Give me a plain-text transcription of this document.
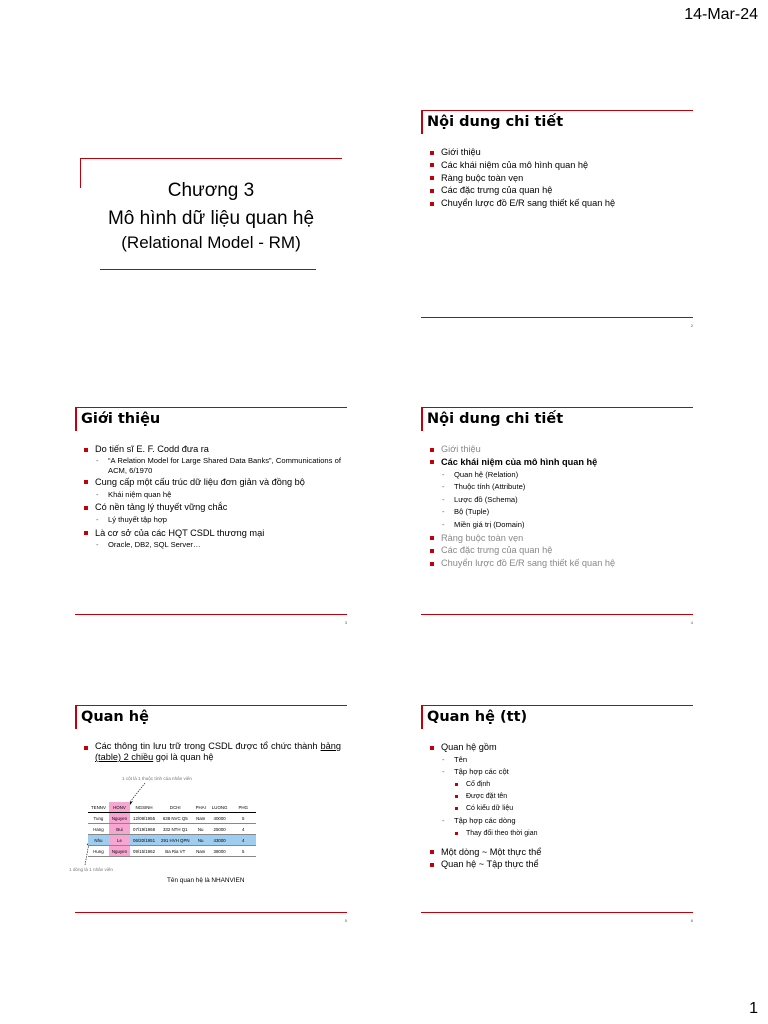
14-Mar-24
1
Chương 3
Mô hình dữ liệu quan hệ
(Relational Model - RM)
Nội dung chi tiết
Giới thiệu
Các khái niệm của mô hình quan hệ
Ràng buộc toàn vẹn
Các đặc trưng của quan hệ
Chuyển lược đồ E/R sang thiết kế quan hệ
2
Giới thiệu
Do tiến sĩ E. F. Codd đưa ra
- “A Relation Model for Large Shared Data Banks”, Communications of ACM, 6/1970
Cung cấp một cấu trúc dữ liệu đơn giản và đồng bộ
- Khái niệm quan hệ
Có nền tảng lý thuyết vững chắc
- Lý thuyết tập hợp
Là cơ sở của các HQT CSDL thương mại
- Oracle, DB2, SQL Server…
3
Nội dung chi tiết
Giới thiệu
Các khái niệm của mô hình quan hệ
- Quan hệ (Relation)
- Thuộc tính (Attribute)
- Lược đồ (Schema)
- Bộ (Tuple)
- Miền giá trị (Domain)
Ràng buộc toàn vẹn
Các đặc trưng của quan hệ
Chuyển lược đồ E/R sang thiết kế quan hệ
4
Quan hệ
Các thông tin lưu trữ trong CSDL được tổ chức thành bảng (table) 2 chiều gọi là quan hệ
1 cột là 1 thuộc tính của nhân viên
1 dòng là 1 nhân viên
TENNV	HONV	NGSINH	DCHI	PHAI	LUONG	PHG
Tung	Nguyen	12/08/1955	638 NVC Q5	Nam	40000	5
Hang	Bui	07/19/1968	332 NTH Q1	Nu	25000	4
Nhu	Le	06/20/1951	291 HVH QPN	Nu	43000	4
Hung	Nguyen	09/15/1962	Ba Ria VT	Nam	38000	5
Tên quan hệ là NHANVIEN
5
Quan hệ (tt)
Quan hệ gồm
- Tên
- Tập hợp các cột
Cố định
Được đặt tên
Có kiểu dữ liệu
- Tập hợp các dòng
Thay đổi theo thời gian
Một dòng ~ Một thực thể
Quan hệ ~ Tập thực thể
6
